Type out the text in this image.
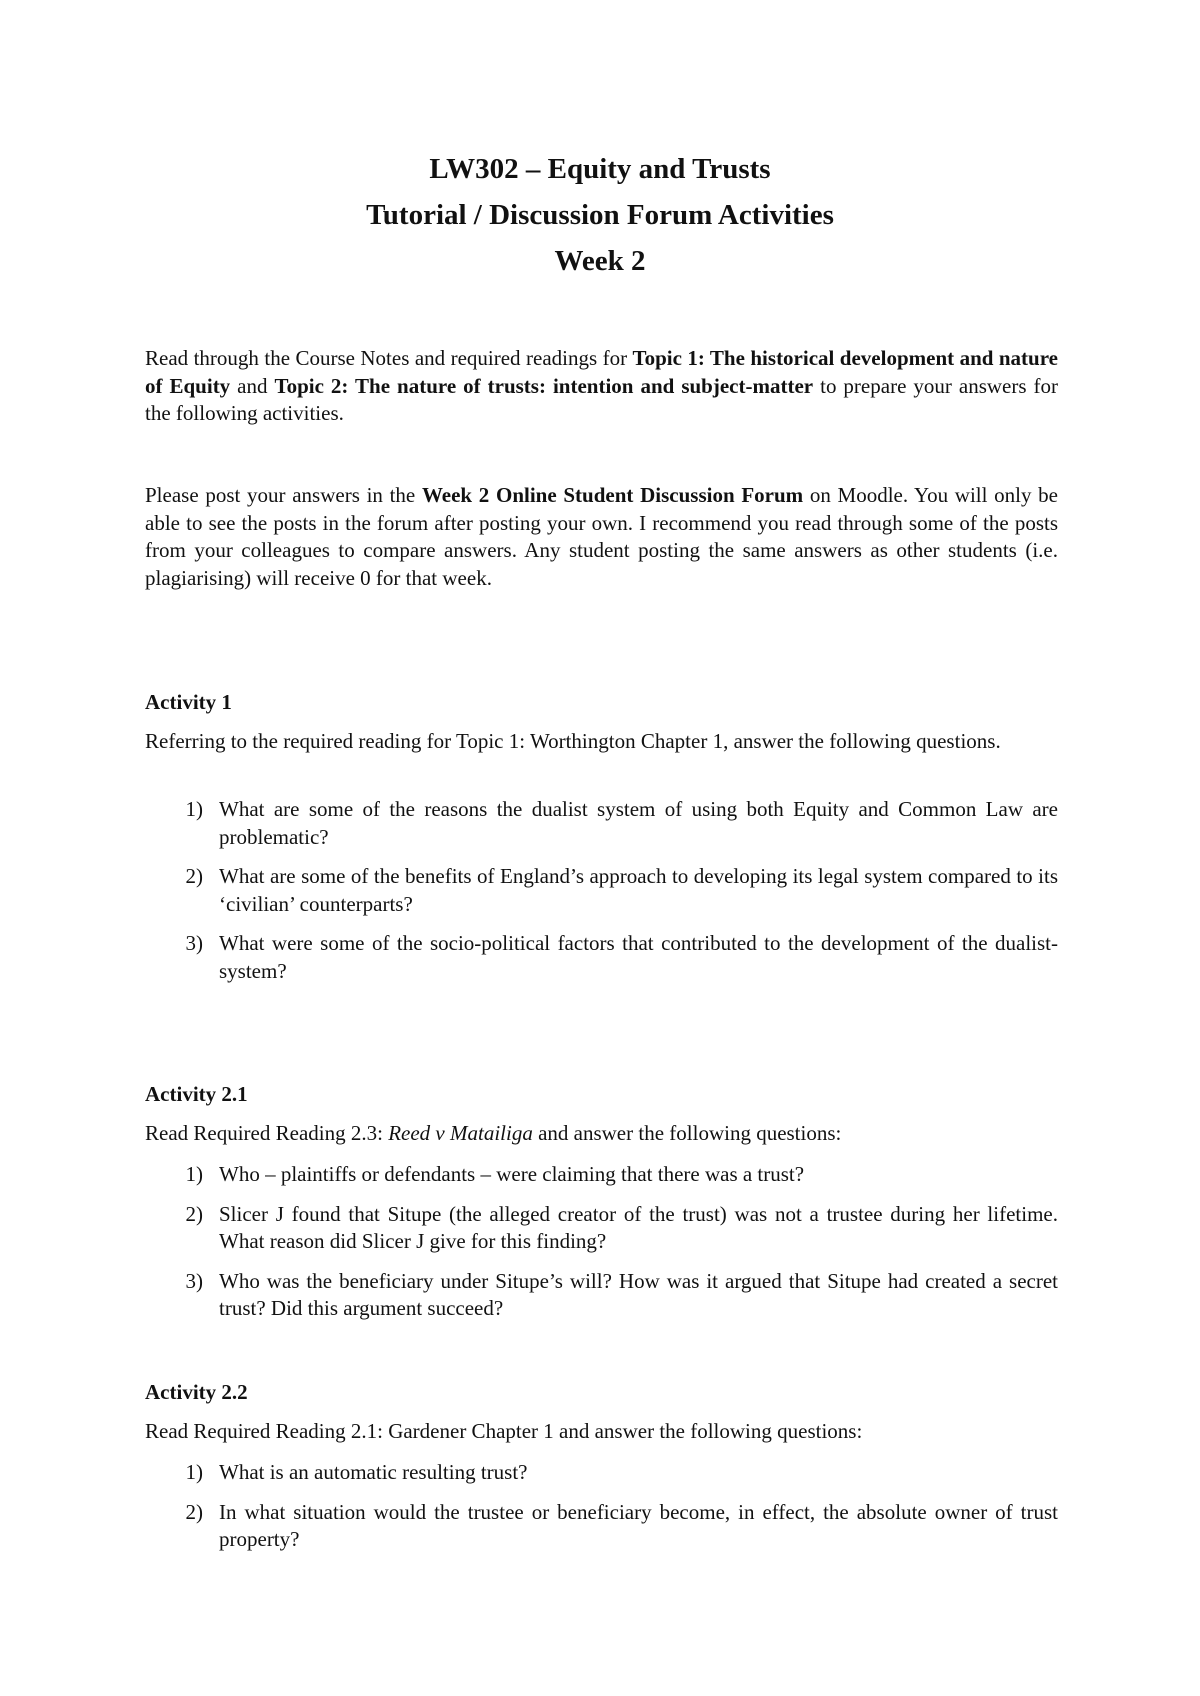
LW302 – Equity and Trusts
Tutorial / Discussion Forum Activities
Week 2
Read through the Course Notes and required readings for Topic 1: The historical development and nature of Equity and Topic 2: The nature of trusts: intention and subject-matter to prepare your answers for the following activities.
Please post your answers in the Week 2 Online Student Discussion Forum on Moodle. You will only be able to see the posts in the forum after posting your own. I recommend you read through some of the posts from your colleagues to compare answers. Any student posting the same answers as other students (i.e. plagiarising) will receive 0 for that week.
Activity 1
Referring to the required reading for Topic 1: Worthington Chapter 1, answer the following questions.
1) What are some of the reasons the dualist system of using both Equity and Common Law are problematic?
2) What are some of the benefits of England’s approach to developing its legal system compared to its ‘civilian’ counterparts?
3) What were some of the socio-political factors that contributed to the development of the dualist-system?
Activity 2.1
Read Required Reading 2.3: Reed v Matailiga and answer the following questions:
1) Who – plaintiffs or defendants – were claiming that there was a trust?
2) Slicer J found that Situpe (the alleged creator of the trust) was not a trustee during her lifetime. What reason did Slicer J give for this finding?
3) Who was the beneficiary under Situpe’s will? How was it argued that Situpe had created a secret trust? Did this argument succeed?
Activity 2.2
Read Required Reading 2.1: Gardener Chapter 1 and answer the following questions:
1) What is an automatic resulting trust?
2) In what situation would the trustee or beneficiary become, in effect, the absolute owner of trust property?
